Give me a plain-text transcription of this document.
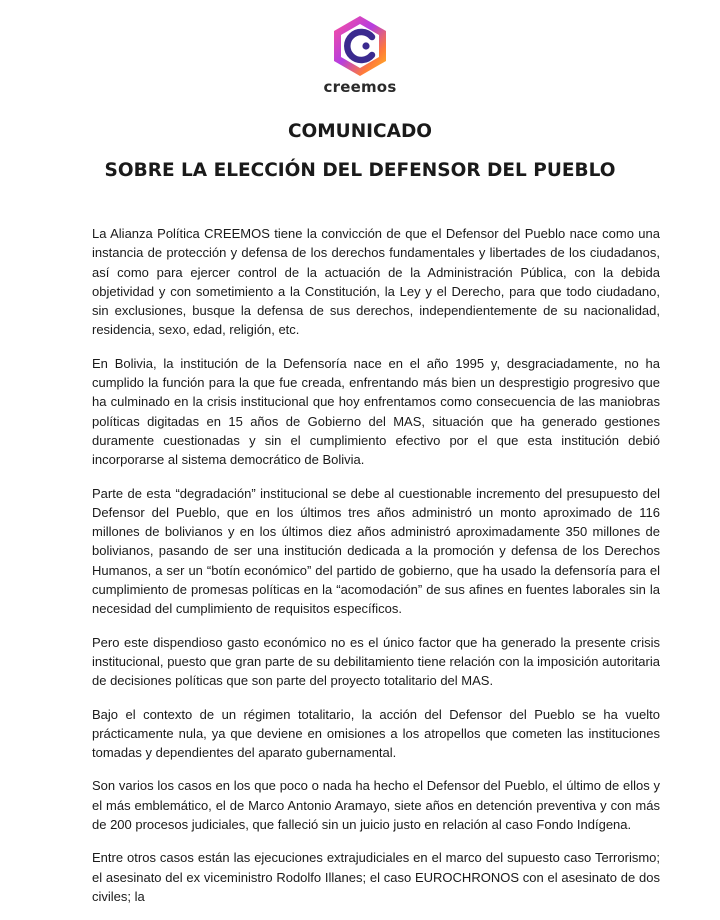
creemos
COMUNICADO
SOBRE LA ELECCIÓN DEL DEFENSOR DEL PUEBLO

La Alianza Política CREEMOS tiene la convicción de que el Defensor del Pueblo nace como una instancia de protección y defensa de los derechos fundamentales y libertades de los ciudadanos, así como para ejercer control de la actuación de la Administración Pública, con la debida objetividad y con sometimiento a la Constitución, la Ley y el Derecho, para que todo ciudadano, sin exclusiones, busque la defensa de sus derechos, independientemente de su nacionalidad, residencia, sexo, edad, religión, etc.

En Bolivia, la institución de la Defensoría nace en el año 1995 y, desgraciadamente, no ha cumplido la función para la que fue creada, enfrentando más bien un desprestigio progresivo que ha culminado en la crisis institucional que hoy enfrentamos como consecuencia de las maniobras políticas digitadas en 15 años de Gobierno del MAS, situación que ha generado gestiones duramente cuestionadas y sin el cumplimiento efectivo por el que esta institución debió incorporarse al sistema democrático de Bolivia.

Parte de esta “degradación” institucional se debe al cuestionable incremento del presupuesto del Defensor del Pueblo, que en los últimos tres años administró un monto aproximado de 116 millones de bolivianos y en los últimos diez años administró aproximadamente 350 millones de bolivianos, pasando de ser una institución dedicada a la promoción y defensa de los Derechos Humanos, a ser un “botín económico” del partido de gobierno, que ha usado la defensoría para el cumplimiento de promesas políticas en la “acomodación” de sus afines en fuentes laborales sin la necesidad del cumplimiento de requisitos específicos.

Pero este dispendioso gasto económico no es el único factor que ha generado la presente crisis institucional, puesto que gran parte de su debilitamiento tiene relación con la imposición autoritaria de decisiones políticas que son parte del proyecto totalitario del MAS.

Bajo el contexto de un régimen totalitario, la acción del Defensor del Pueblo se ha vuelto prácticamente nula, ya que deviene en omisiones a los atropellos que cometen las instituciones tomadas y dependientes del aparato gubernamental.

Son varios los casos en los que poco o nada ha hecho el Defensor del Pueblo, el último de ellos y el más emblemático, el de Marco Antonio Aramayo, siete años en detención preventiva y con más de 200 procesos judiciales, que falleció sin un juicio justo en relación al caso Fondo Indígena.

Entre otros casos están las ejecuciones extrajudiciales en el marco del supuesto caso Terrorismo; el asesinato del ex viceministro Rodolfo Illanes; el caso EUROCHRONOS con el asesinato de dos civiles; la
